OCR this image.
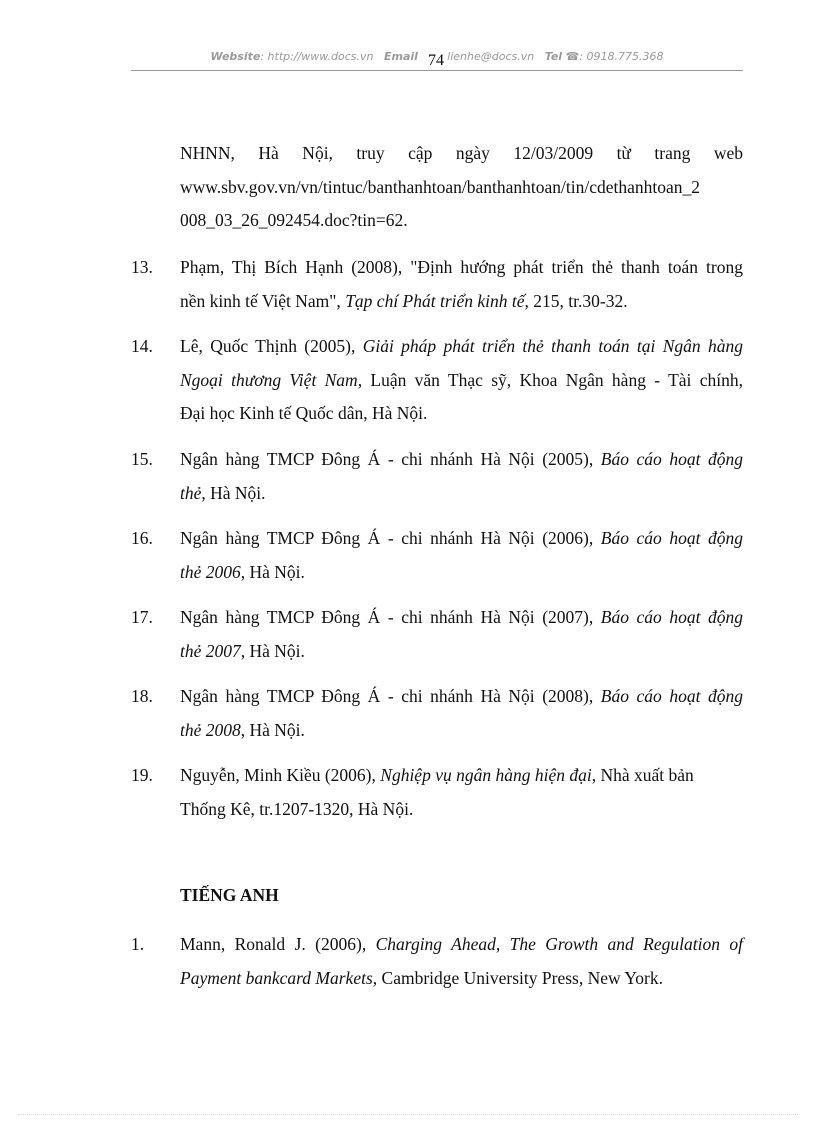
Website: http://www.docs.vn Email : lienhe@docs.vn Tel ☎: 0918.775.368
74
NHNN, Hà Nội, truy cập ngày 12/03/2009 từ trang web
www.sbv.gov.vn/vn/tintuc/banthanhtoan/banthanhtoan/tin/cdethanhtoan_2
008_03_26_092454.doc?tin=62.
13. Phạm, Thị Bích Hạnh (2008), "Định hướng phát triển thẻ thanh toán trong
nền kinh tế Việt Nam", Tạp chí Phát triển kinh tế, 215, tr.30-32.
14. Lê, Quốc Thịnh (2005), Giải pháp phát triển thẻ thanh toán tại Ngân hàng
Ngoại thương Việt Nam, Luận văn Thạc sỹ, Khoa Ngân hàng - Tài chính,
Đại học Kinh tế Quốc dân, Hà Nội.
15. Ngân hàng TMCP Đông Á - chi nhánh Hà Nội (2005), Báo cáo hoạt động
thẻ, Hà Nội.
16. Ngân hàng TMCP Đông Á - chi nhánh Hà Nội (2006), Báo cáo hoạt động
thẻ 2006, Hà Nội.
17. Ngân hàng TMCP Đông Á - chi nhánh Hà Nội (2007), Báo cáo hoạt động
thẻ 2007, Hà Nội.
18. Ngân hàng TMCP Đông Á - chi nhánh Hà Nội (2008), Báo cáo hoạt động
thẻ 2008, Hà Nội.
19. Nguyễn, Minh Kiều (2006), Nghiệp vụ ngân hàng hiện đại, Nhà xuất bản
Thống Kê, tr.1207-1320, Hà Nội.
TIẾNG ANH
1. Mann, Ronald J. (2006), Charging Ahead, The Growth and Regulation of
Payment bankcard Markets, Cambridge University Press, New York.
